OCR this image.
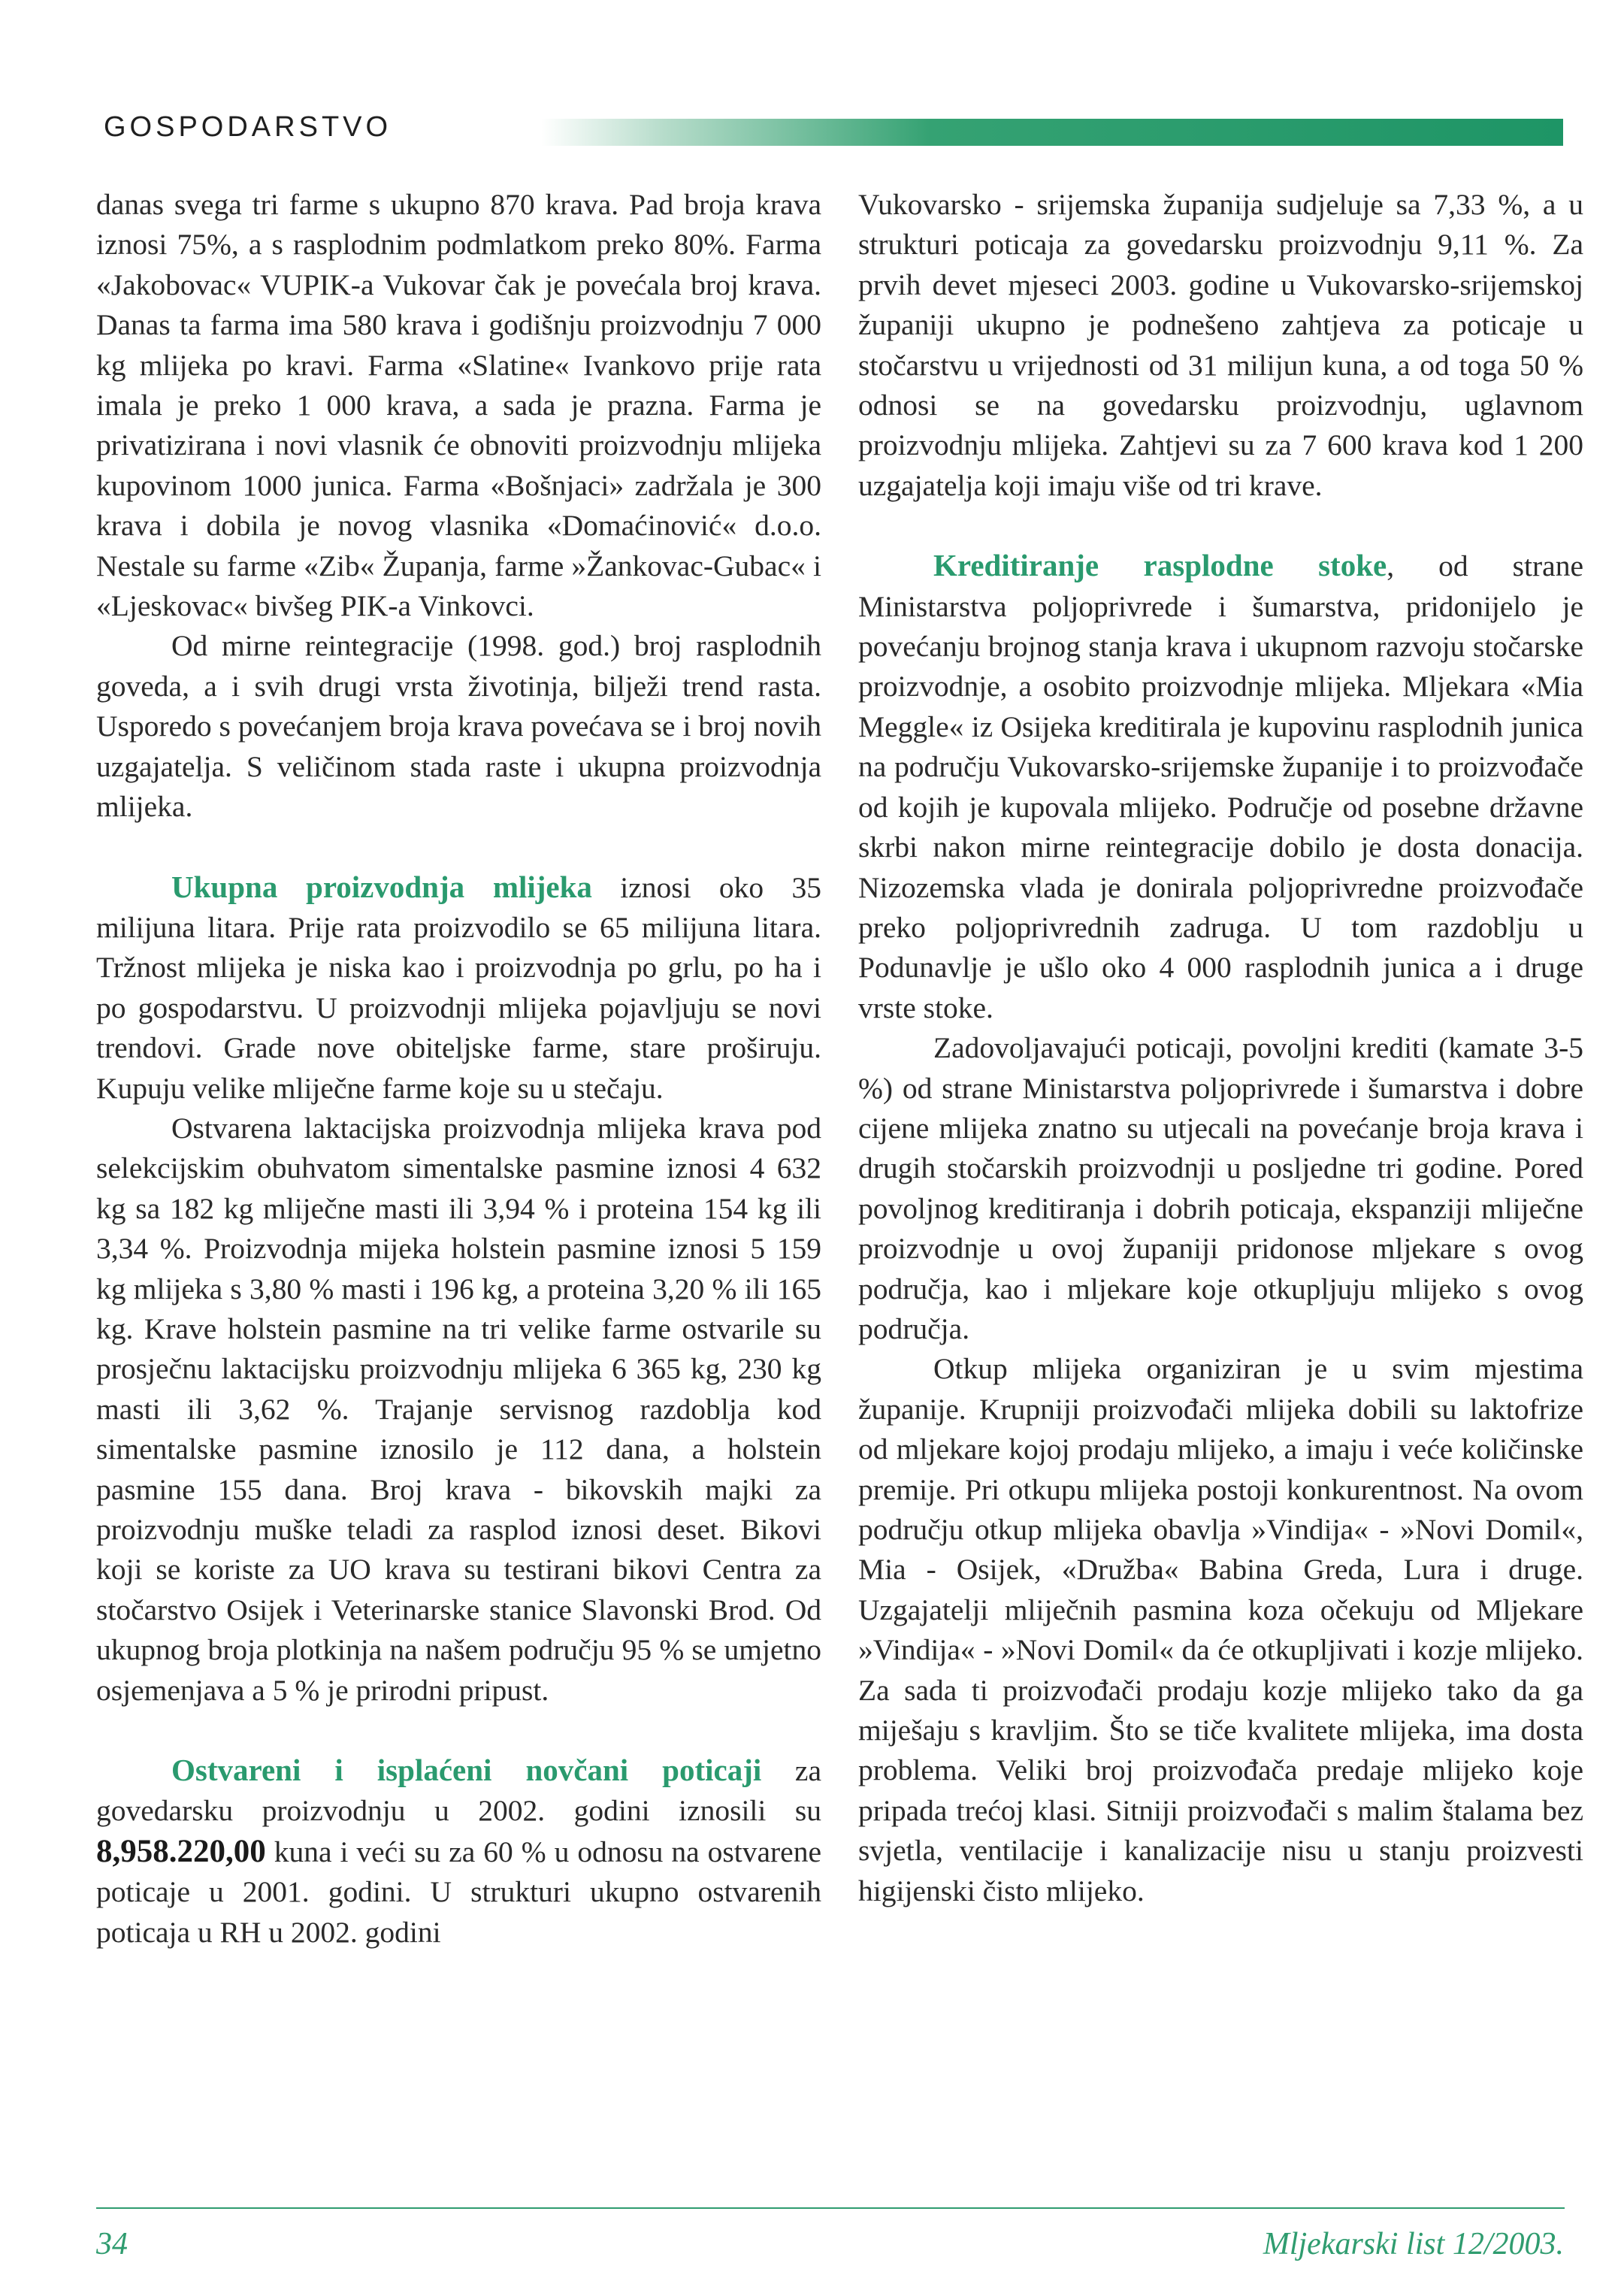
GOSPODARSTVO

danas svega tri farme s ukupno 870 krava. Pad broja krava iznosi 75%, a s rasplodnim podmlatkom preko 80%. Farma «Jakobovac« VUPIK-a Vukovar čak je povećala broj krava. Danas ta farma ima 580 krava i godišnju proizvodnju 7 000 kg mlijeka po kravi. Farma «Slatine« Ivankovo prije rata imala je preko 1 000 krava, a sada je prazna. Farma je privatizirana i novi vlasnik će obnoviti proizvodnju mlijeka kupovinom 1000 junica. Farma «Bošnjaci» zadržala je 300 krava i dobila je novog vlasnika «Domaćinović« d.o.o. Nestale su farme «Zib« Županja, farme »Žankovac-Gubac« i «Ljeskovac« bivšeg PIK-a Vinkovci.

Od mirne reintegracije (1998. god.) broj rasplodnih goveda, a i svih drugi vrsta životinja, bilježi trend rasta. Usporedo s povećanjem broja krava povećava se i broj novih uzgajatelja. S veličinom stada raste i ukupna proizvodnja mlijeka.

Ukupna proizvodnja mlijeka iznosi oko 35 milijuna litara. Prije rata proizvodilo se 65 milijuna litara. Tržnost mlijeka je niska kao i proizvodnja po grlu, po ha i po gospodarstvu. U proizvodnji mlijeka pojavljuju se novi trendovi. Grade nove obiteljske farme, stare proširuju. Kupuju velike mliječne farme koje su u stečaju.

Ostvarena laktacijska proizvodnja mlijeka krava pod selekcijskim obuhvatom simentalske pasmine iznosi 4 632 kg sa 182 kg mliječne masti ili 3,94 % i proteina 154 kg ili 3,34 %. Proizvodnja mijeka holstein pasmine iznosi 5 159 kg mlijeka s 3,80 % masti i 196 kg, a proteina 3,20 % ili 165 kg. Krave holstein pasmine na tri velike farme ostvarile su prosječnu laktacijsku proizvodnju mlijeka 6 365 kg, 230 kg masti ili 3,62 %. Trajanje servisnog razdoblja kod simentalske pasmine iznosilo je 112 dana, a holstein pasmine 155 dana. Broj krava - bikovskih majki za proizvodnju muške teladi za rasplod iznosi deset. Bikovi koji se koriste za UO krava su testirani bikovi Centra za stočarstvo Osijek i Veterinarske stanice Slavonski Brod. Od ukupnog broja plotkinja na našem području 95 % se umjetno osjemenjava a 5 % je prirodni pripust.

Ostvareni i isplaćeni novčani poticaji za govedarsku proizvodnju u 2002. godini iznosili su 8,958.220,00 kuna i veći su za 60 % u odnosu na ostvarene poticaje u 2001. godini. U strukturi ukupno ostvarenih poticaja u RH u 2002. godini

Vukovarsko - srijemska županija sudjeluje sa 7,33 %, a u strukturi poticaja za govedarsku proizvodnju 9,11 %. Za prvih devet mjeseci 2003. godine u Vukovarsko-srijemskoj županiji ukupno je podnešeno zahtjeva za poticaje u stočarstvu u vrijednosti od 31 milijun kuna, a od toga 50 % odnosi se na govedarsku proizvodnju, uglavnom proizvodnju mlijeka. Zahtjevi su za 7 600 krava kod 1 200 uzgajatelja koji imaju više od tri krave.

Kreditiranje rasplodne stoke, od strane Ministarstva poljoprivrede i šumarstva, pridonijelo je povećanju brojnog stanja krava i ukupnom razvoju stočarske proizvodnje, a osobito proizvodnje mlijeka. Mljekara «Mia Meggle« iz Osijeka kreditirala je kupovinu rasplodnih junica na području Vukovarsko-srijemske županije i to proizvođače od kojih je kupovala mlijeko. Područje od posebne državne skrbi nakon mirne reintegracije dobilo je dosta donacija. Nizozemska vlada je donirala poljoprivredne proizvođače preko poljoprivrednih zadruga. U tom razdoblju u Podunavlje je ušlo oko 4 000 rasplodnih junica a i druge vrste stoke.

Zadovoljavajući poticaji, povoljni krediti (kamate 3-5 %) od strane Ministarstva poljoprivrede i šumarstva i dobre cijene mlijeka znatno su utjecali na povećanje broja krava i drugih stočarskih proizvodnji u posljedne tri godine. Pored povoljnog kreditiranja i dobrih poticaja, ekspanziji mliječne proizvodnje u ovoj županiji pridonose mljekare s ovog područja, kao i mljekare koje otkupljuju mlijeko s ovog područja.

Otkup mlijeka organiziran je u svim mjestima županije. Krupniji proizvođači mlijeka dobili su laktofrize od mljekare kojoj prodaju mlijeko, a imaju i veće količinske premije. Pri otkupu mlijeka postoji konkurentnost. Na ovom području otkup mlijeka obavlja »Vindija« - »Novi Domil«, Mia - Osijek, «Družba« Babina Greda, Lura i druge. Uzgajatelji mliječnih pasmina koza očekuju od Mljekare »Vindija« - »Novi Domil« da će otkupljivati i kozje mlijeko. Za sada ti proizvođači prodaju kozje mlijeko tako da ga miješaju s kravljim. Što se tiče kvalitete mlijeka, ima dosta problema. Veliki broj proizvođača predaje mlijeko koje pripada trećoj klasi. Sitniji proizvođači s malim štalama bez svjetla, ventilacije i kanalizacije nisu u stanju proizvesti higijenski čisto mlijeko.

34	Mljekarski list 12/2003.
